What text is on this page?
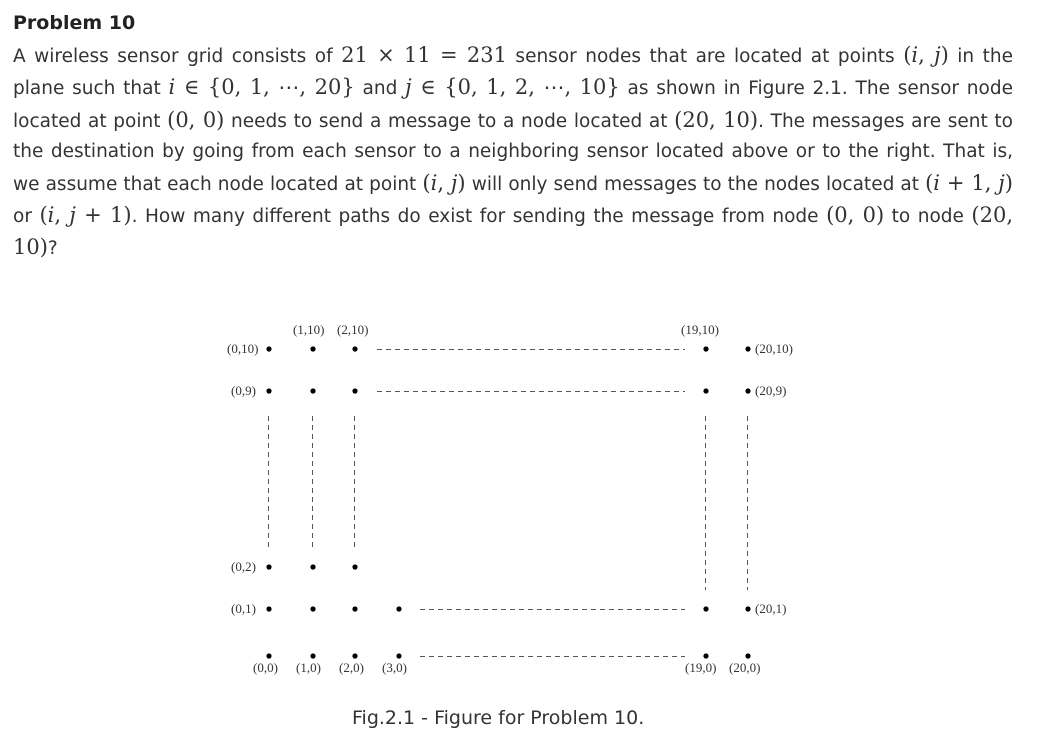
Problem 10

A wireless sensor grid consists of 21 × 11 = 231 sensor nodes that are located at points (i, j) in the plane such that i ∈ {0, 1, ⋯, 20} and j ∈ {0, 1, 2, ⋯, 10} as shown in Figure 2.1. The sensor node located at point (0, 0) needs to send a message to a node located at (20, 10). The messages are sent to the destination by going from each sensor to a neighboring sensor located above or to the right. That is, we assume that each node located at point (i, j) will only send messages to the nodes located at (i + 1, j) or (i, j + 1). How many different paths do exist for sending the message from node (0, 0) to node (20, 10)?

(0,10)
(1,10) (2,10)	(19,10)
(20,10)
(0,9)	(20,9)
(0,2)
(0,1)	(20,1)
(0,0) (1,0) (2,0) (3,0)	(19,0) (20,0)
Fig.2.1 - Figure for Problem 10.
